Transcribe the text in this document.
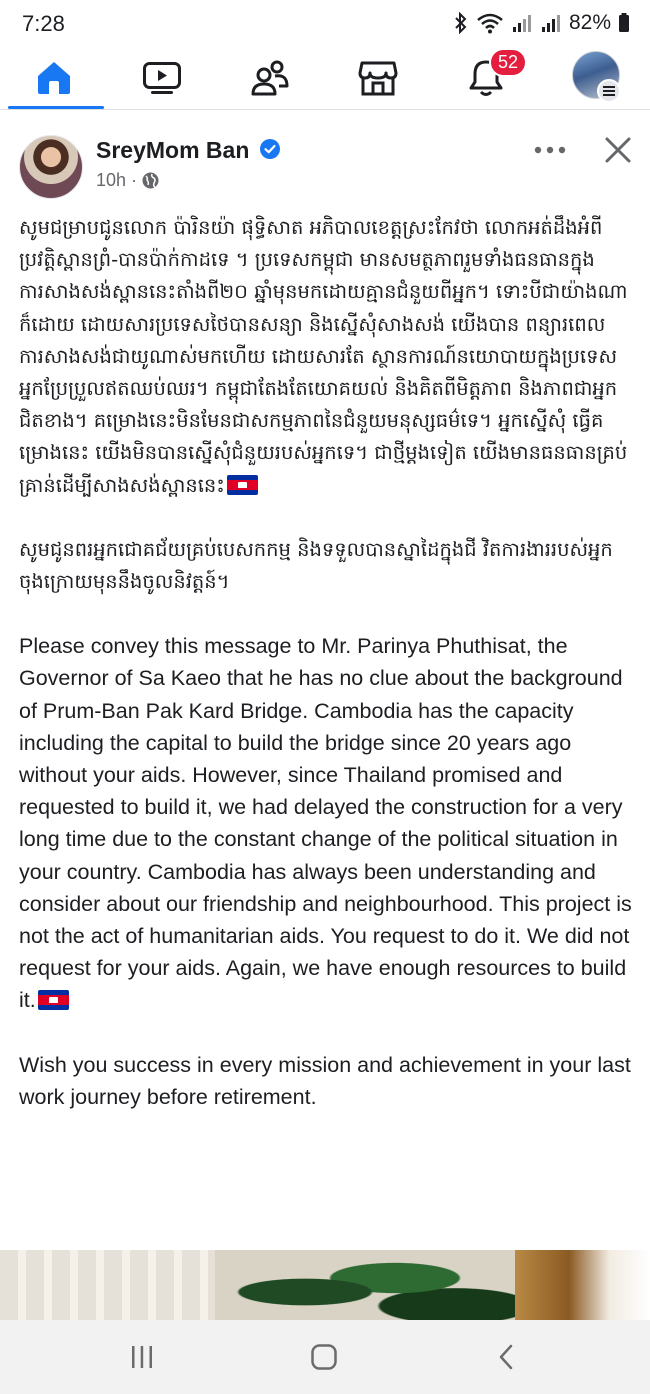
7:28	82%
52
SreyMom Ban
10h ·

សូមជម្រាបជូនលោក ប៉ារិនយ៉ា ផុទ្ធិសាត អភិបាលខេត្តស្រះកែវថា លោកអត់ដឹងអំពីប្រវត្តិស្ពានព្រំ-បានប៉ាក់កាដទេ ។ ប្រទេសកម្ពុជា មានសមត្ថភាពរួមទាំងធនធានក្នុងការសាងសង់ស្ពាននេះតាំងពី២០ ឆ្នាំមុនមកដោយគ្មានជំនួយពីអ្នក។ ទោះបីជាយ៉ាងណាក៏ដោយ ដោយសារប្រទេសថៃបានសន្យា និងស្នើសុំសាងសង់ យើងបាន ពន្យារពេលការសាងសង់ជាយូណាស់មកហើយ ដោយសារតែ ស្ថានការណ៍នយោបាយក្នុងប្រទេសអ្នកប្រែប្រួលឥតឈប់ឈរ។ កម្ពុជាតែងតែយោគយល់ និងគិតពីមិត្តភាព និងភាពជាអ្នកជិតខាង។ គម្រោងនេះមិនមែនជាសកម្មភាពនៃជំនួយមនុស្សធម៌ទេ។ អ្នកស្នើសុំ ធ្វើគម្រោងនេះ យើងមិនបានស្នើសុំជំនួយរបស់អ្នកទេ។ ជាថ្មីម្តងទៀត យើងមានធនធានគ្រប់គ្រាន់ដើម្បីសាងសង់ស្ពាននេះ

សូមជូនពរអ្នកជោគជ័យគ្រប់បេសកកម្ម និងទទួលបានស្នាដៃក្នុងជី វិតការងាររបស់អ្នកចុងក្រោយមុននឹងចូលនិវត្តន៍។

Please convey this message to Mr. Parinya Phuthisat, the Governor of Sa Kaeo that he has no clue about the background of Prum-Ban Pak Kard Bridge. Cambodia has the capacity including the capital to build the bridge since 20 years ago without your aids. However, since Thailand promised and requested to build it, we had delayed the construction for a very long time due to the constant change of the political situation in your country. Cambodia has always been understanding and consider about our friendship and neighbourhood. This project is not the act of humanitarian aids. You request to do it. We did not request for your aids. Again, we have enough resources to build it.

Wish you success in every mission and achievement in your last work journey before retirement.
